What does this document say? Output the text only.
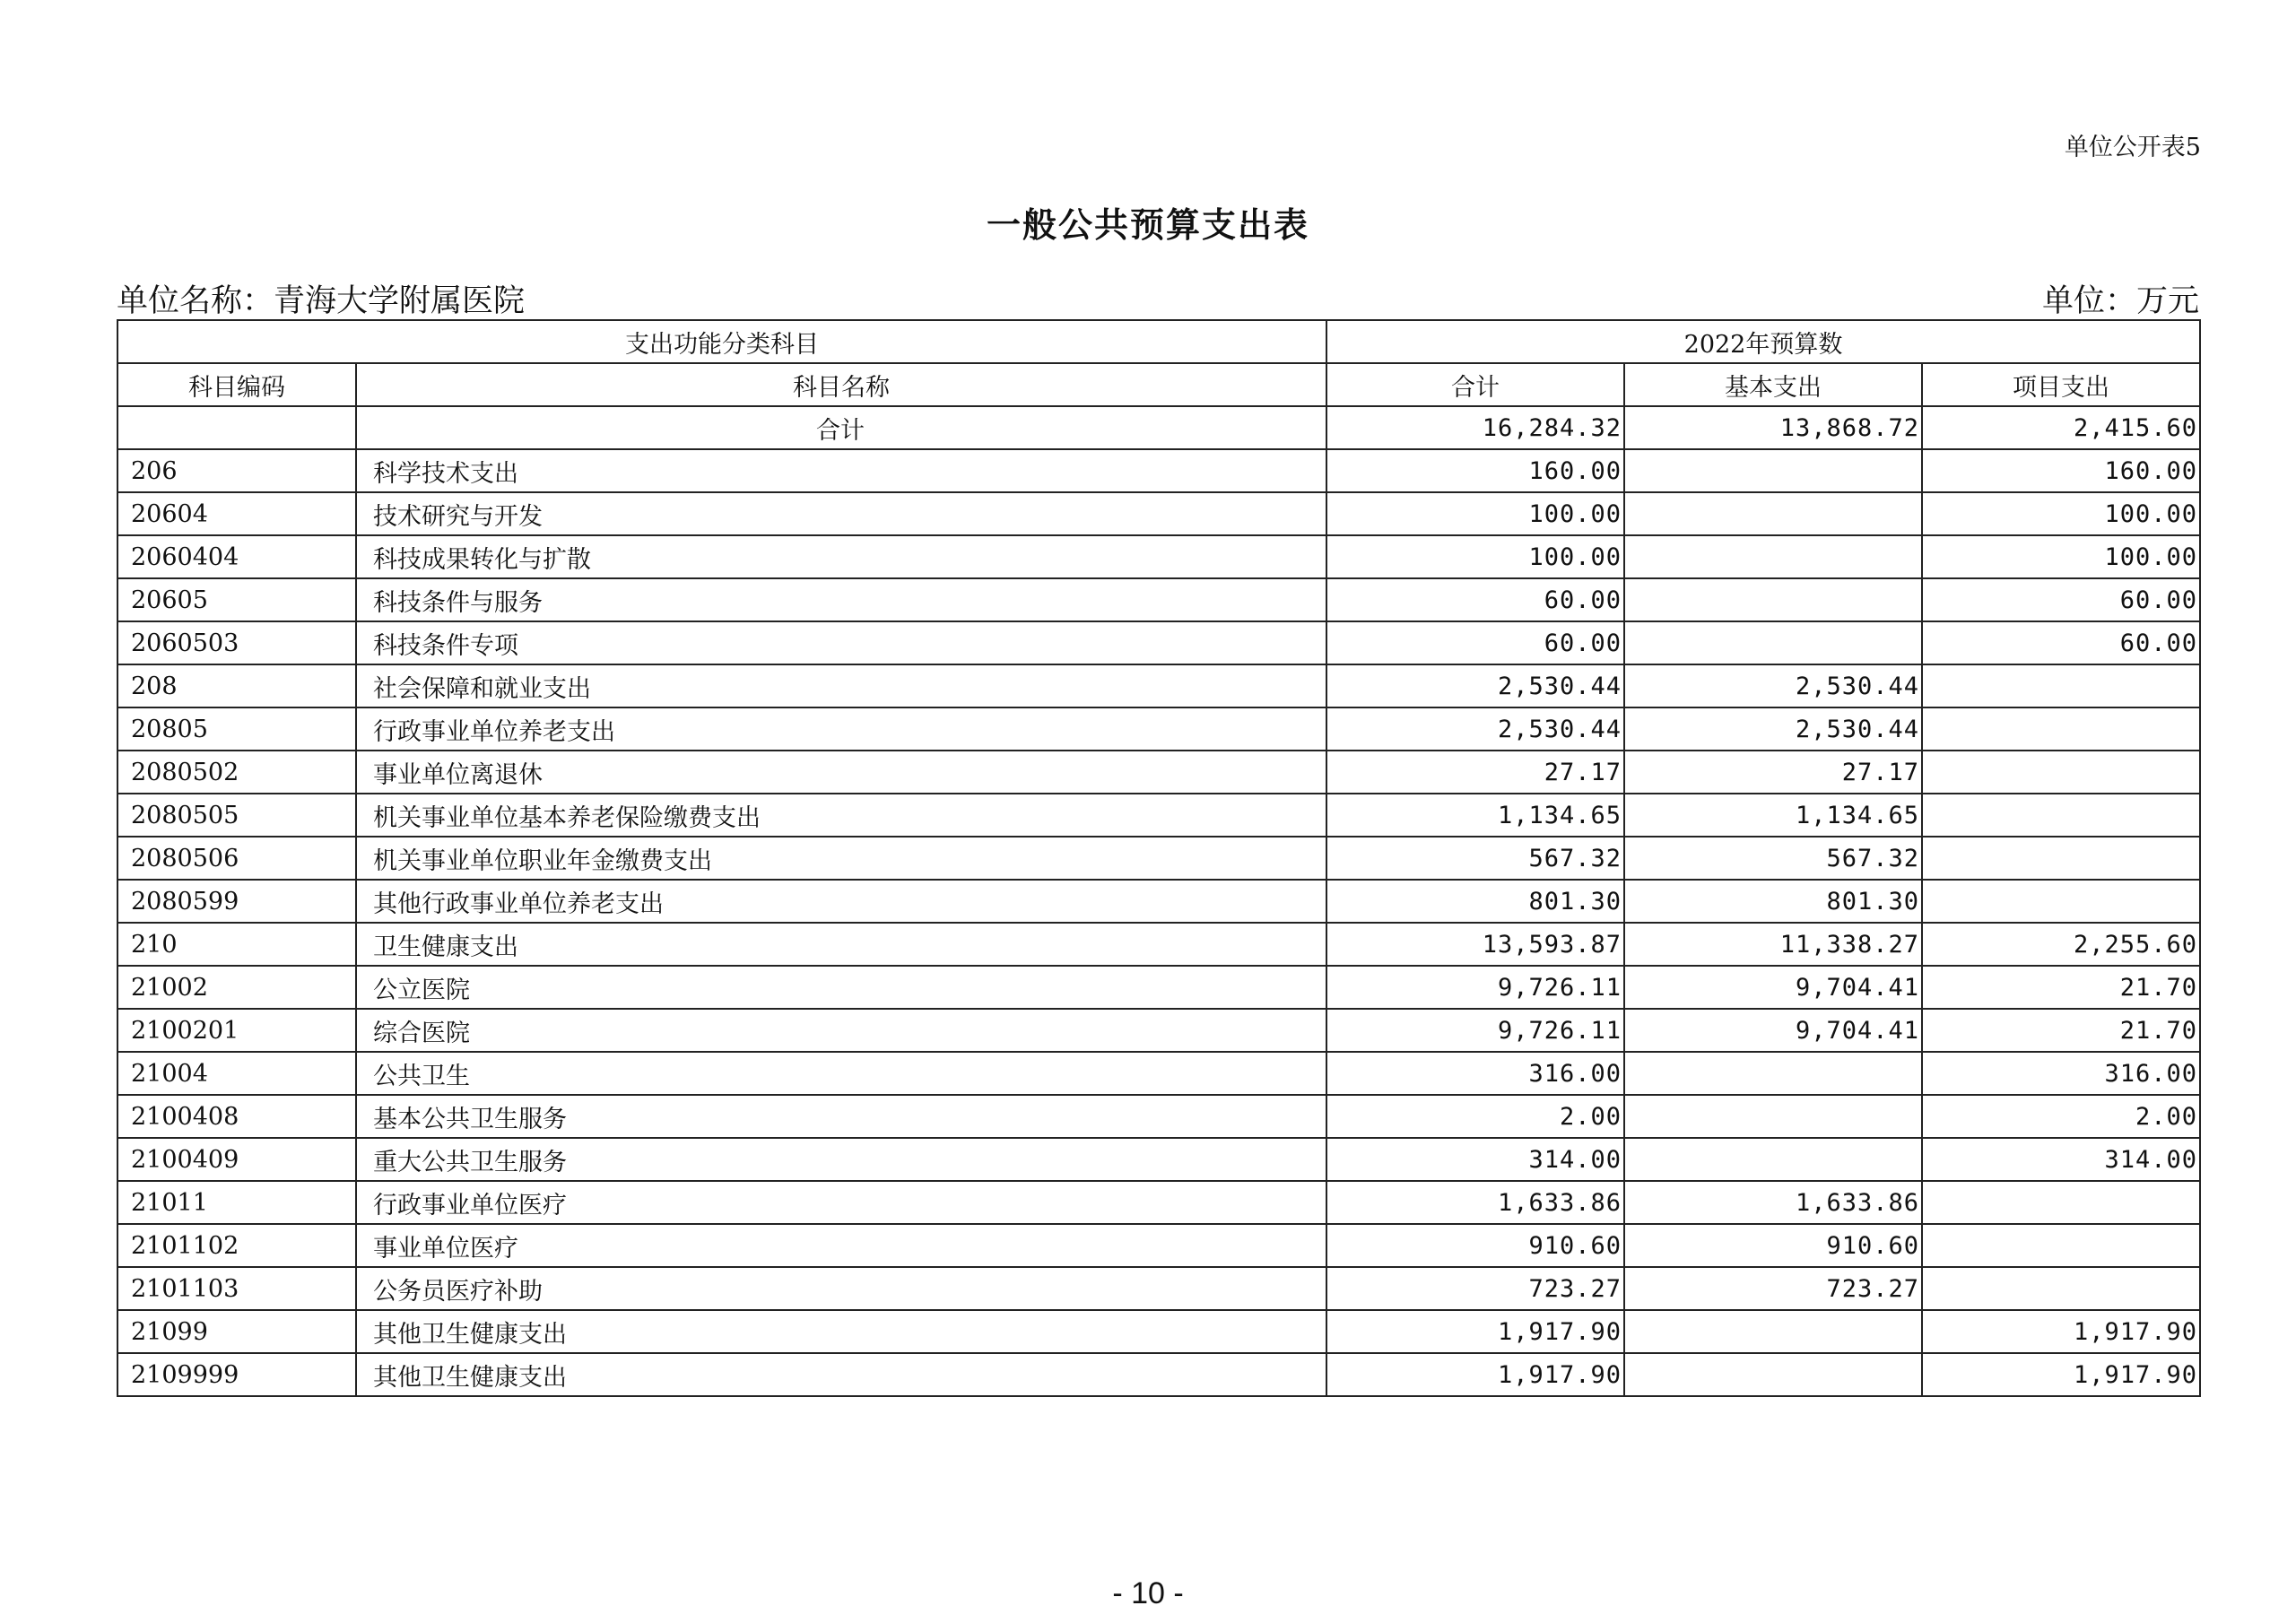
单位公开表5
一般公共预算支出表
单位名称：青海大学附属医院	单位：万元
支出功能分类科目		2022年预算数		
科目编码	科目名称	合计	基本支出	项目支出
	合计	16,284.32	13,868.72	2,415.60
206	科学技术支出	160.00		160.00
20604	技术研究与开发	100.00		100.00
2060404	科技成果转化与扩散	100.00		100.00
20605	科技条件与服务	60.00		60.00
2060503	科技条件专项	60.00		60.00
208	社会保障和就业支出	2,530.44	2,530.44	
20805	行政事业单位养老支出	2,530.44	2,530.44	
2080502	事业单位离退休	27.17	27.17	
2080505	机关事业单位基本养老保险缴费支出	1,134.65	1,134.65	
2080506	机关事业单位职业年金缴费支出	567.32	567.32	
2080599	其他行政事业单位养老支出	801.30	801.30	
210	卫生健康支出	13,593.87	11,338.27	2,255.60
21002	公立医院	9,726.11	9,704.41	21.70
2100201	综合医院	9,726.11	9,704.41	21.70
21004	公共卫生	316.00		316.00
2100408	基本公共卫生服务	2.00		2.00
2100409	重大公共卫生服务	314.00		314.00
21011	行政事业单位医疗	1,633.86	1,633.86	
2101102	事业单位医疗	910.60	910.60	
2101103	公务员医疗补助	723.27	723.27	
21099	其他卫生健康支出	1,917.90		1,917.90
2109999	其他卫生健康支出	1,917.90		1,917.90
- 10 -
